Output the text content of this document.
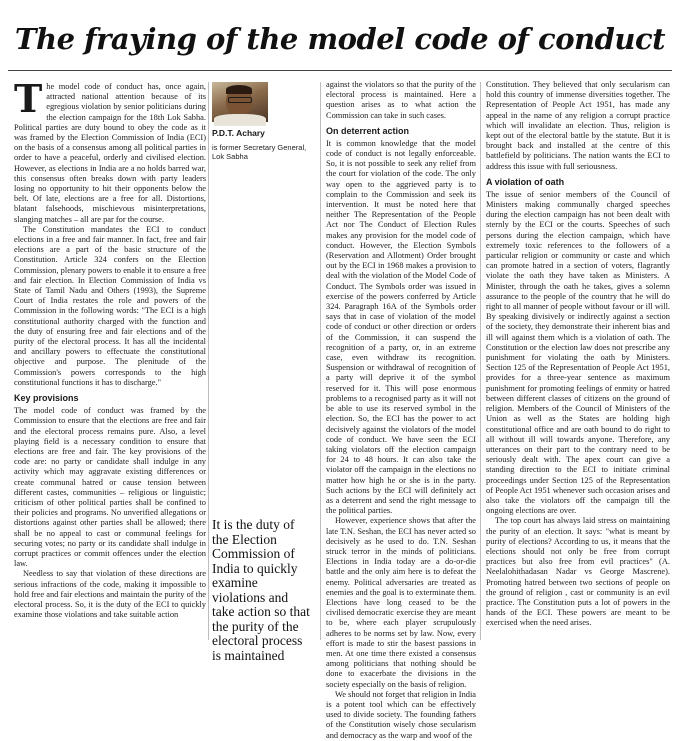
The fraying of the model code of conduct

The model code of conduct has, once again, attracted national attention because of its egregious violation by senior politicians during the election campaign for the 18th Lok Sabha. Political parties are duty bound to obey the code as it was framed by the Election Commission of India (ECI) on the basis of a consensus among all political parties in order to have a peaceful, orderly and civilised election. However, as elections in India are a no holds barred war, this consensus often breaks down with party leaders losing no opportunity to hit their opponents below the belt. Of late, elections are a free for all. Distortions, blatant falsehoods, mischievous misinterpretations, slanging matches – all are par for the course.

The Constitution mandates the ECI to conduct elections in a free and fair manner. In fact, free and fair elections are a part of the basic structure of the Constitution. Article 324 confers on the Election Commission, plenary powers to enable it to ensure a free and fair election. In Election Commission of India vs State of Tamil Nadu and Others (1993), the Supreme Court of India restates the role and powers of the Commission in the following words: "The ECI is a high constitutional authority charged with the function and the duty of ensuring free and fair elections and of the purity of the electoral process. It has all the incidental and ancillary powers to effectuate the constitutional objective and purpose. The plenitude of the Commission's powers corresponds to the high constitutional functions it has to discharge."

Key provisions

The model code of conduct was framed by the Commission to ensure that the elections are free and fair and the electoral process remains pure. Also, a level playing field is a necessary condition to ensure that elections are free and fair. The key provisions of the code are: no party or candidate shall indulge in any activity which may aggravate existing differences or create communal hatred or cause tension between different castes, communities – religious or linguistic; criticism of other political parties shall be confined to their policies and programs. No unverified allegations or distortions against other parties shall be allowed; there shall be no appeal to cast or communal feelings for securing votes; no party or its candidate shall indulge in corrupt practices or commit offences under the election law.

Needless to say that violation of these directions are serious infractions of the code, making it impossible to hold free and fair elections and maintain the purity of the electoral process. So, it is the duty of the ECI to quickly examine those violations and take suitable action

P.D.T. Achary
is former Secretary General, Lok Sabha
It is the duty of the Election Commission of India to quickly examine violations and take action so that the purity of the electoral process is maintained

against the violators so that the purity of the electoral process is maintained. Here a question arises as to what action the Commission can take in such cases.

On deterrent action

It is common knowledge that the model code of conduct is not legally enforceable. So, it is not possible to seek any relief from the court for violation of the code. The only way open to the aggrieved party is to complain to the Commission and seek its intervention. It must be noted here that neither The Representation of the People Act nor The Conduct of Election Rules makes any provision for the model code of conduct. However, the Election Symbols (Reservation and Allotment) Order brought out by the ECI in 1968 makes a provision to deal with the violation of the Model Code of Conduct. The Symbols order was issued in exercise of the powers conferred by Article 324. Paragraph 16A of the Symbols order says that in case of violation of the model code of conduct or other direction or orders of the Commission, it can suspend the recognition of a party, or, in an extreme case, even withdraw its recognition. Suspension or withdrawal of recognition of a party will deprive it of the symbol reserved for it. This will pose enormous problems to a recognised party as it will not be able to use its reserved symbol in the election. So, the ECI has the power to act decisively against the violators of the model code of conduct. We have seen the ECI taking violators off the election campaign for 24 to 48 hours. It can also take the violator off the campaign in the elections no matter how high he or she is in the party. Such actions by the ECI will definitely act as a deterrent and send the right message to the political parties.

However, experience shows that after the late T.N. Seshan, the ECI has never acted so decisively as he used to do. T.N. Seshan struck terror in the minds of politicians. Elections in India today are a do-or-die battle and the only aim here is to defeat the enemy. Political adversaries are treated as enemies and the goal is to exterminate them. Elections have long ceased to be the civilised democratic exercise they are meant to be, where each player scrupulously adheres to be norms set by law. Now, every effort is made to stir the basest passions in men. At one time there existed a consensus among politicians that nothing should be done to exacerbate the divisions in the society especially on the basis of religion.

We should not forget that religion in India is a potent tool which can be effectively used to divide society. The founding fathers of the Constitution wisely chose secularism and democracy as the warp and woof of the

Constitution. They believed that only secularism can hold this country of immense diversities together. The Representation of People Act 1951, has made any appeal in the name of any religion a corrupt practice which will invalidate an election. Thus, religion is kept out of the electoral battle by the statute. But it is brought back and installed at the centre of this battlefield by politicians. The nation wants the ECI to address this issue with full seriousness.

A violation of oath

The issue of senior members of the Council of Ministers making communally charged speeches during the election campaign has not been dealt with sternly by the ECI or the courts. Speeches of such persons during the election campaign, which have extremely toxic references to the followers of a particular religion or community or caste and which can promote hatred in a section of voters, flagrantly violate the oath they have taken as Ministers. A Minister, through the oath he takes, gives a solemn assurance to the people of the country that he will do right to all manner of people without favour or ill will. By speaking divisively or indirectly against a section of the society, they demonstrate their inherent bias and ill will against them which is a violation of oath. The Constitution or the election law does not prescribe any punishment for violating the oath by Ministers. Section 125 of the Representation of People Act 1951, provides for a three-year sentence as maximum punishment for promoting feelings of enmity or hatred between different classes of citizens on the ground of religion. Members of the Council of Ministers of the Union as well as the States are holding high constitutional office and are oath bound to do right to all without ill will towards anyone. Therefore, any utterances on their part to the contrary need to be seriously dealt with. The apex court can give a standing direction to the ECI to initiate criminal proceedings under Section 125 of the Representation of People Act 1951 whenever such occasion arises and also take the violators off the campaign till the ongoing elections are over.

The top court has always laid stress on maintaining the purity of an election. It says: "what is meant by purity of elections? According to us, it means that the elections should not only be free from corrupt practices but also free from evil practices" (A. Neelalohithadasan Nadar vs George Mascrene). Promoting hatred between two sections of people on the ground of religion , cast or community is an evil practice. The Constitution puts a lot of powers in the hands of the ECI. These powers are meant to be exercised when the need arises.
